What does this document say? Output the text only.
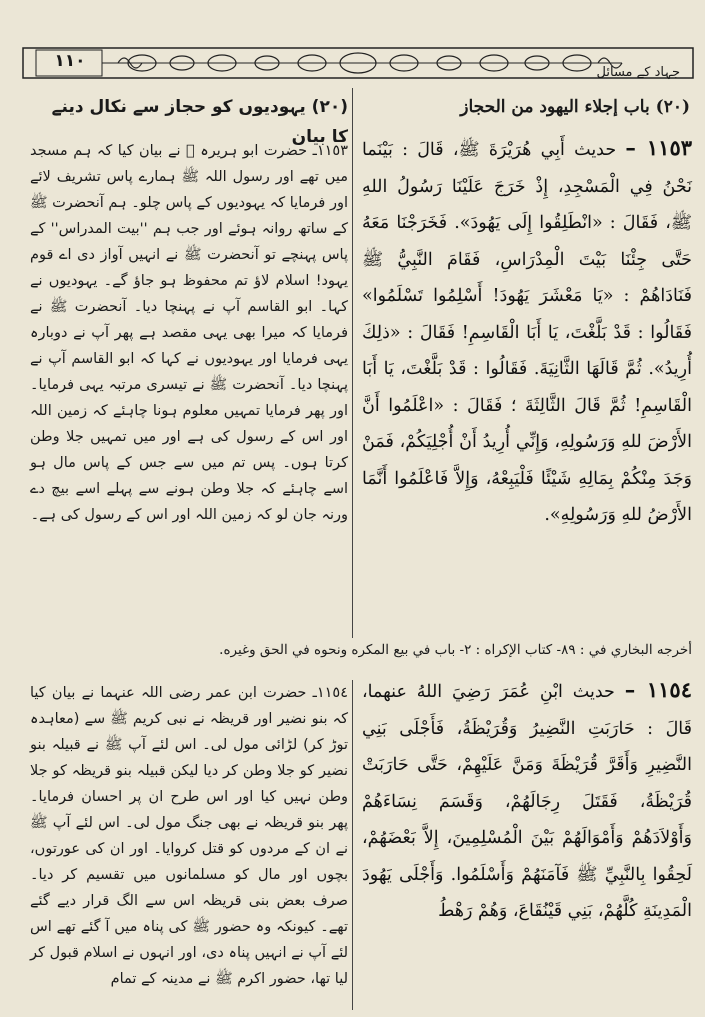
١١٠
جہاد کے مسائل
(٢٠) یہودیوں کو حجاز سے نکال دینے کا بیان
(٢٠) باب إجلاء اليهود من الحجاز
١١٥٣ـ حضرت ابو ہریرہ ﷜ نے بیان کیا کہ ہم مسجد میں تھے اور رسول اللہ ﷺ ہمارے پاس تشریف لائے اور فرمایا کہ یہودیوں کے پاس چلو۔ ہم آنحضرت ﷺ کے ساتھ روانہ ہوئے اور جب ہم ''بیت المدراس'' کے پاس پہنچے تو آنحضرت ﷺ نے انہیں آواز دی اے قوم یہود! اسلام لاؤ تم محفوظ ہو جاؤ گے۔ یہودیوں نے کہا۔ ابو القاسم آپ نے پہنچا دیا۔ آنحضرت ﷺ نے فرمایا کہ میرا بھی یہی مقصد ہے پھر آپ نے دوبارہ یہی فرمایا اور یہودیوں نے کہا کہ ابو القاسم آپ نے پہنچا دیا۔ آنحضرت ﷺ نے تیسری مرتبہ یہی فرمایا۔ اور پھر فرمایا تمہیں معلوم ہونا چاہئے کہ زمین اللہ اور اس کے رسول کی ہے اور میں تمہیں جلا وطن کرتا ہوں۔ پس تم میں سے جس کے پاس مال ہو اسے چاہئے کہ جلا وطن ہونے سے پہلے اسے بیچ دے ورنہ جان لو کہ زمین اللہ اور اس کے رسول کی ہے۔
١١٥٣ – حديث أَبِي هُرَيْرَةَ ﷺ، قَالَ : بَيْنَما نَحْنُ فِي الْمَسْجِدِ، إِذْ خَرَجَ عَلَيْنَا رَسُولُ اللهِ ﷺ، فَقَالَ : «انْطَلِقُوا إِلَى يَهُودَ». فَخَرَجْنَا مَعَهُ حَتَّى جِئْنَا بَيْتَ الْمِدْرَاسِ، فَقَامَ النَّبِيُّ ﷺ فَنَادَاهُمْ : «يَا مَعْشَرَ يَهُودَ! أَسْلِمُوا تَسْلَمُوا» فَقَالُوا : قَدْ بَلَّغْتَ، يَا أَبَا الْقَاسِمِ! فَقَالَ : «ذلِكَ أُرِيدُ». ثُمَّ قَالَهَا الثَّانِيَةَ. فَقَالُوا : قَدْ بَلَّغْتَ، يَا أَبَا الْقَاسِمِ! ثُمَّ قَالَ الثَّالِثَةَ ؛ فَقَالَ : «اعْلَمُوا أَنَّ الأَرْضَ للهِ وَرَسُولِهِ، وَإِنِّي أُرِيدُ أَنْ أُجْلِيَكُمْ، فَمَنْ وَجَدَ مِنْكُمْ بِمَالِهِ شَيْئًا فَلْيَبِعْهُ، وَإِلاَّ فَاعْلَمُوا أَنَّمَا الأَرْضُ للهِ وَرَسُولِهِ».
أخرجه البخاري في : ٨٩- كتاب الإكراه : ٢- باب في بيع المكره ونحوه في الحق وغيره.
١١٥٤ـ حضرت ابن عمر رضی اللہ عنہما نے بیان کیا کہ بنو نضیر اور قریظہ نے نبی کریم ﷺ سے (معاہدہ توڑ کر) لڑائی مول لی۔ اس لئے آپ ﷺ نے قبیلہ بنو نضیر کو جلا وطن کر دیا لیکن قبیلہ بنو قریظہ کو جلا وطن نہیں کیا اور اس طرح ان پر احسان فرمایا۔ پھر بنو قریظہ نے بھی جنگ مول لی۔ اس لئے آپ ﷺ نے ان کے مردوں کو قتل کروایا۔ اور ان کی عورتوں، بچوں اور مال کو مسلمانوں میں تقسیم کر دیا۔ صرف بعض بنی قریظہ اس سے الگ قرار دیے گئے تھے۔ کیونکہ وہ حضور ﷺ کی پناہ میں آ گئے تھے اس لئے آپ نے انہیں پناہ دی، اور انہوں نے اسلام قبول کر لیا تھا، حضور اکرم ﷺ نے مدینہ کے تمام
١١٥٤ – حديث ابْنِ عُمَرَ رَضِيَ اللهُ عنهما، قَالَ : حَارَبَتِ النَّضِيرُ وَقُرَيْظَةُ، فَأَجْلَى بَنِي النَّضِيرِ وَأَقَرَّ قُرَيْظَةَ وَمَنَّ عَلَيْهِمْ، حَتَّى حَارَبَتْ قُرَيْظَةُ، فَقَتَلَ رِجَالَهُمْ، وَقَسَمَ نِسَاءَهُمْ وَأَوْلاَدَهُمْ وَأَمْوَالَهُمْ بَيْنَ الْمُسْلِمِينَ، إِلاَّ بَعْضَهُمْ، لَحِقُوا بِالنَّبِيِّ ﷺ فَآمَنَهُمْ وَأَسْلَمُوا. وَأَجْلَى يَهُودَ الْمَدِينَةِ كُلَّهُمْ، بَنِي قَيْنُقَاعَ، وَهُمْ رَهْطُ
